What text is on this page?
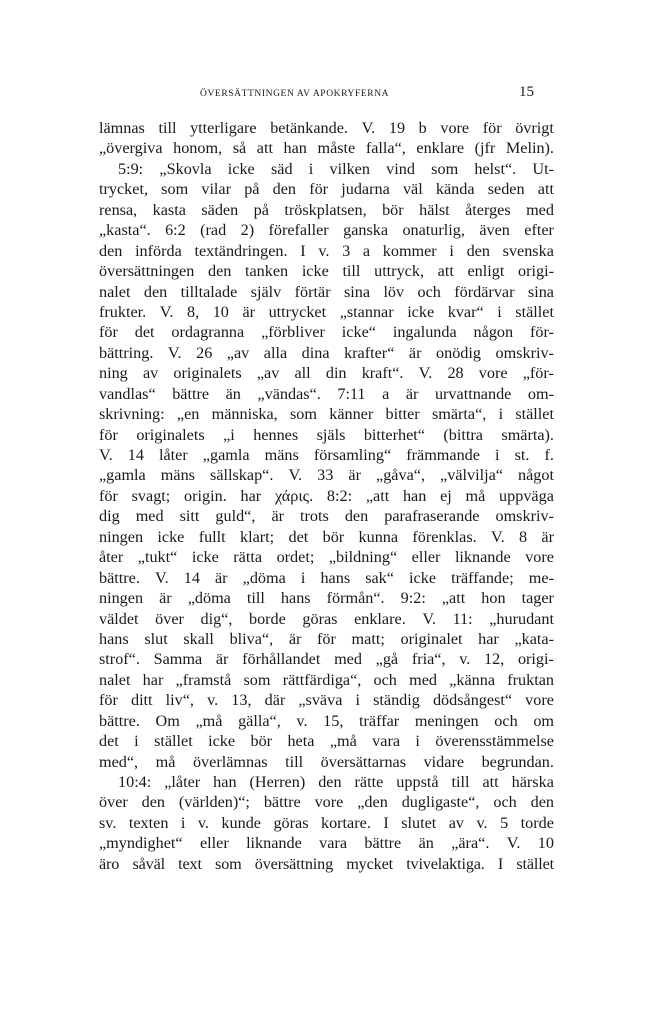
ÖVERSÄTTNINGEN AV APOKRYFERNA	15
lämnas till ytterligare betänkande. V. 19 b vore för övrigt
„övergiva honom, så att han måste falla“, enklare (jfr Melin).
5:9: „Skovla icke säd i vilken vind som helst“. Ut-
trycket, som vilar på den för judarna väl kända seden att
rensa, kasta säden på tröskplatsen, bör hälst återges med
„kasta“. 6:2 (rad 2) förefaller ganska onaturlig, även efter
den införda textändringen. I v. 3 a kommer i den svenska
översättningen den tanken icke till uttryck, att enligt origi-
nalet den tilltalade själv förtär sina löv och fördärvar sina
frukter. V. 8, 10 är uttrycket „stannar icke kvar“ i stället
för det ordagranna „förbliver icke“ ingalunda någon för-
bättring. V. 26 „av alla dina krafter“ är onödig omskriv-
ning av originalets „av all din kraft“. V. 28 vore „för-
vandlas“ bättre än „vändas“. 7:11 a är urvattnande om-
skrivning: „en människa, som känner bitter smärta“, i stället
för originalets „i hennes själs bitterhet“ (bittra smärta).
V. 14 låter „gamla mäns församling“ främmande i st. f.
„gamla mäns sällskap“. V. 33 är „gåva“, „välvilja“ något
för svagt; origin. har χάρις. 8:2: „att han ej må uppväga
dig med sitt guld“, är trots den parafraserande omskriv-
ningen icke fullt klart; det bör kunna förenklas. V. 8 är
åter „tukt“ icke rätta ordet; „bildning“ eller liknande vore
bättre. V. 14 är „döma i hans sak“ icke träffande; me-
ningen är „döma till hans förmån“. 9:2: „att hon tager
väldet över dig“, borde göras enklare. V. 11: „hurudant
hans slut skall bliva“, är för matt; originalet har „kata-
strof“. Samma är förhållandet med „gå fria“, v. 12, origi-
nalet har „framstå som rättfärdiga“, och med „känna fruktan
för ditt liv“, v. 13, där „sväva i ständig dödsångest“ vore
bättre. Om „må gälla“, v. 15, träffar meningen och om
det i stället icke bör heta „må vara i överensstämmelse
med“, må överlämnas till översättarnas vidare begrundan.
10:4: „låter han (Herren) den rätte uppstå till att härska
över den (världen)“; bättre vore „den dugligaste“, och den
sv. texten i v. kunde göras kortare. I slutet av v. 5 torde
„myndighet“ eller liknande vara bättre än „ära“. V. 10
äro såväl text som översättning mycket tvivelaktiga. I stället
